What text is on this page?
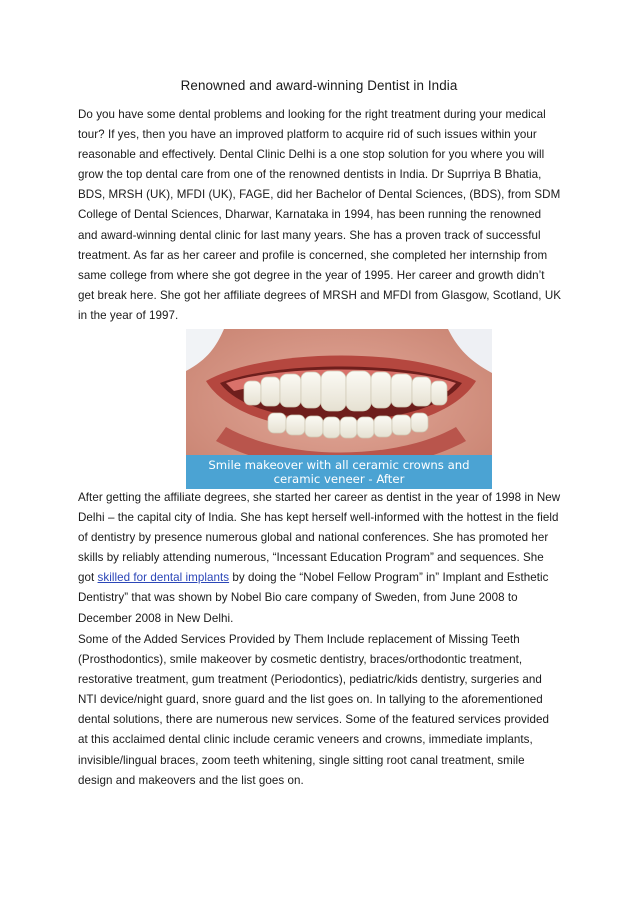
Renowned and award-winning Dentist in India

Do you have some dental problems and looking for the right treatment during your medical tour? If yes, then you have an improved platform to acquire rid of such issues within your reasonable and effectively. Dental Clinic Delhi is a one stop solution for you where you will grow the top dental care from one of the renowned dentists in India. Dr Suprriya B Bhatia, BDS, MRSH (UK), MFDI (UK), FAGE, did her Bachelor of Dental Sciences, (BDS), from SDM College of Dental Sciences, Dharwar, Karnataka in 1994, has been running the renowned and award-winning dental clinic for last many years. She has a proven track of successful treatment. As far as her career and profile is concerned, she completed her internship from same college from where she got degree in the year of 1995. Her career and growth didn’t get break here. She got her affiliate degrees of MRSH and MFDI from Glasgow, Scotland, UK in the year of 1997.

Smile makeover with all ceramic crowns and
ceramic veneer - After

After getting the affiliate degrees, she started her career as dentist in the year of 1998 in New Delhi – the capital city of India. She has kept herself well-informed with the hottest in the field of dentistry by presence numerous global and national conferences. She has promoted her skills by reliably attending numerous, “Incessant Education Program” and sequences. She got skilled for dental implants by doing the “Nobel Fellow Program” in” Implant and Esthetic Dentistry” that was shown by Nobel Bio care company of Sweden, from June 2008 to December 2008 in New Delhi.

Some of the Added Services Provided by Them Include replacement of Missing Teeth (Prosthodontics), smile makeover by cosmetic dentistry, braces/orthodontic treatment, restorative treatment, gum treatment (Periodontics), pediatric/kids dentistry, surgeries and NTI device/night guard, snore guard and the list goes on. In tallying to the aforementioned dental solutions, there are numerous new services. Some of the featured services provided at this acclaimed dental clinic include ceramic veneers and crowns, immediate implants, invisible/lingual braces, zoom teeth whitening, single sitting root canal treatment, smile design and makeovers and the list goes on.
